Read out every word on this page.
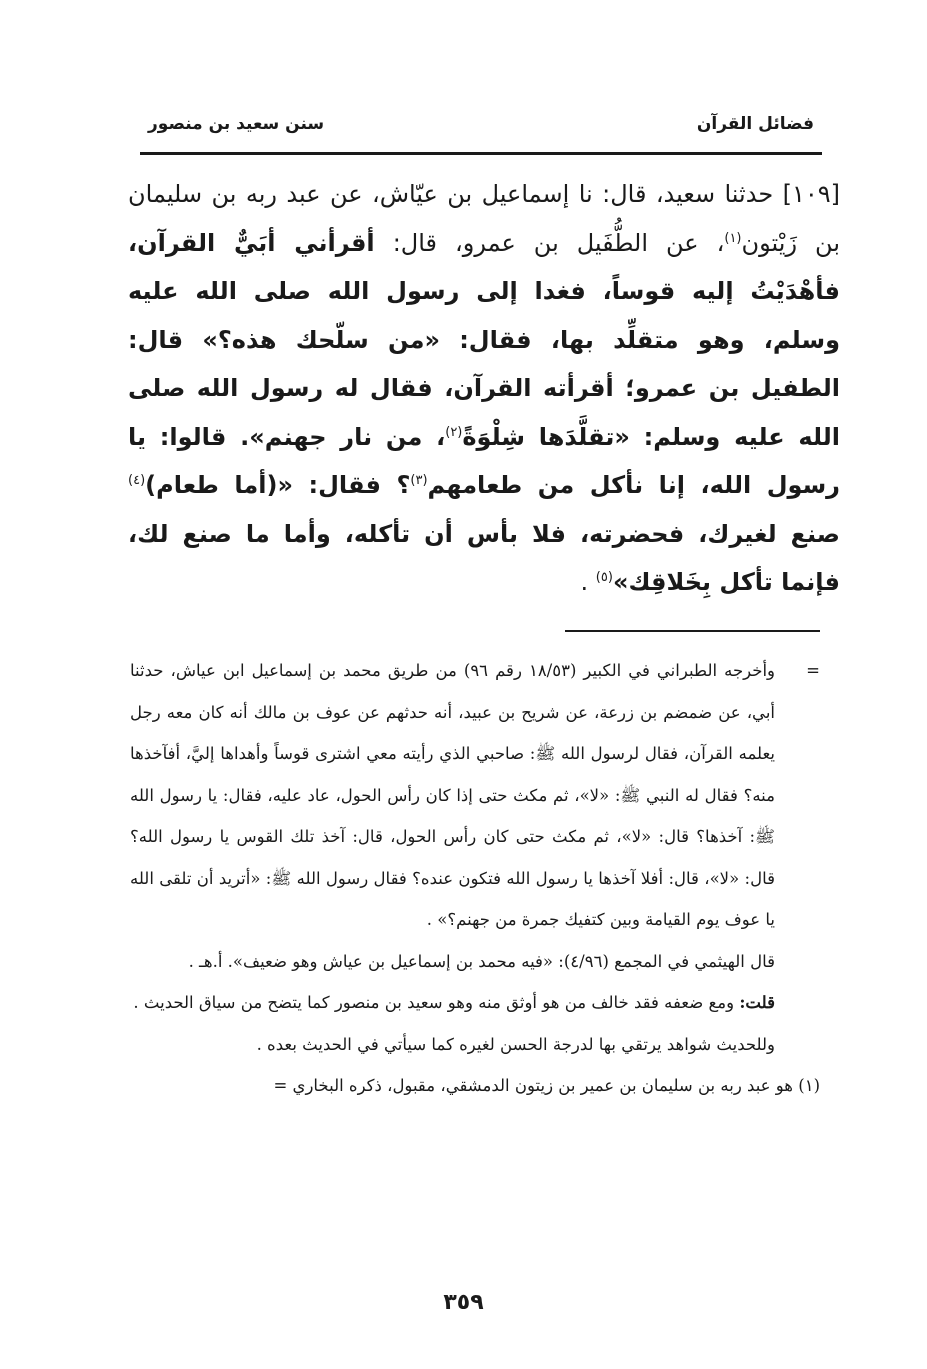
فضائل القرآن
سنن سعيد بن منصور
[١٠٩] حدثنا سعيد، قال: نا إسماعيل بن عيّاش، عن عبد ربه بن سليمان بن زَيْتون$^{(١)}$، عن الطُّفَيل بن عمرو، قال: أقرأني أبَيٌّ القرآن، فأهْدَيْتُ إليه قوساً، فغدا إلى رسول الله صلى الله عليه وسلم، وهو متقلِّد بها، فقال: «من سلّحك هذه؟» قال: الطفيل بن عمرو؛ أقرأته القرآن، فقال له رسول الله صلى الله عليه وسلم: «تقلَّدَها شِلْوَةً$^{(٢)}$، من نار جهنم». قالوا: يا رسول الله، إنا نأكل من طعامهم$^{(٣)}$؟ فقال: «(أما طعام)$^{(٤)}$ صنع لغيرك، فحضرته، فلا بأس أن تأكله، وأما ما صنع لك، فإنما تأكل بِخَلاقِك»$^{(٥)}$ .

=
وأخرجه الطبراني في الكبير (١٨/٥٣ رقم ٩٦) من طريق محمد بن إسماعيل ابن عياش، حدثنا أبي، عن ضمضم بن زرعة، عن شريح بن عبيد، أنه حدثهم عن عوف بن مالك أنه كان معه رجل يعلمه القرآن، فقال لرسول الله ﷺ: صاحبي الذي رأيته معي اشترى قوساً وأهداها إليَّ، أفآخذها منه؟ فقال له النبي ﷺ: «لا»، ثم مكث حتى إذا كان رأس الحول، عاد عليه، فقال: يا رسول الله ﷺ: آخذها؟ قال: «لا»، ثم مكث حتى كان رأس الحول، قال: آخذ تلك القوس يا رسول الله؟ قال: «لا»، قال: أفلا آخذها يا رسول الله فتكون عنده؟ فقال رسول الله ﷺ: «أتريد أن تلقى الله يا عوف يوم القيامة وبين كتفيك جمرة من جهنم؟» .

قال الهيثمي في المجمع (٤/٩٦): «فيه محمد بن إسماعيل بن عياش وهو ضعيف». أ.هـ .

قلت: ومع ضعفه فقد خالف من هو أوثق منه وهو سعيد بن منصور كما يتضح من سياق الحديث .

وللحديث شواهد يرتقي بها لدرجة الحسن لغيره كما سيأتي في الحديث بعده .

(١) هو عبد ربه بن سليمان بن عمير بن زيتون الدمشقي، مقبول، ذكره البخاري =

٣٥٩
